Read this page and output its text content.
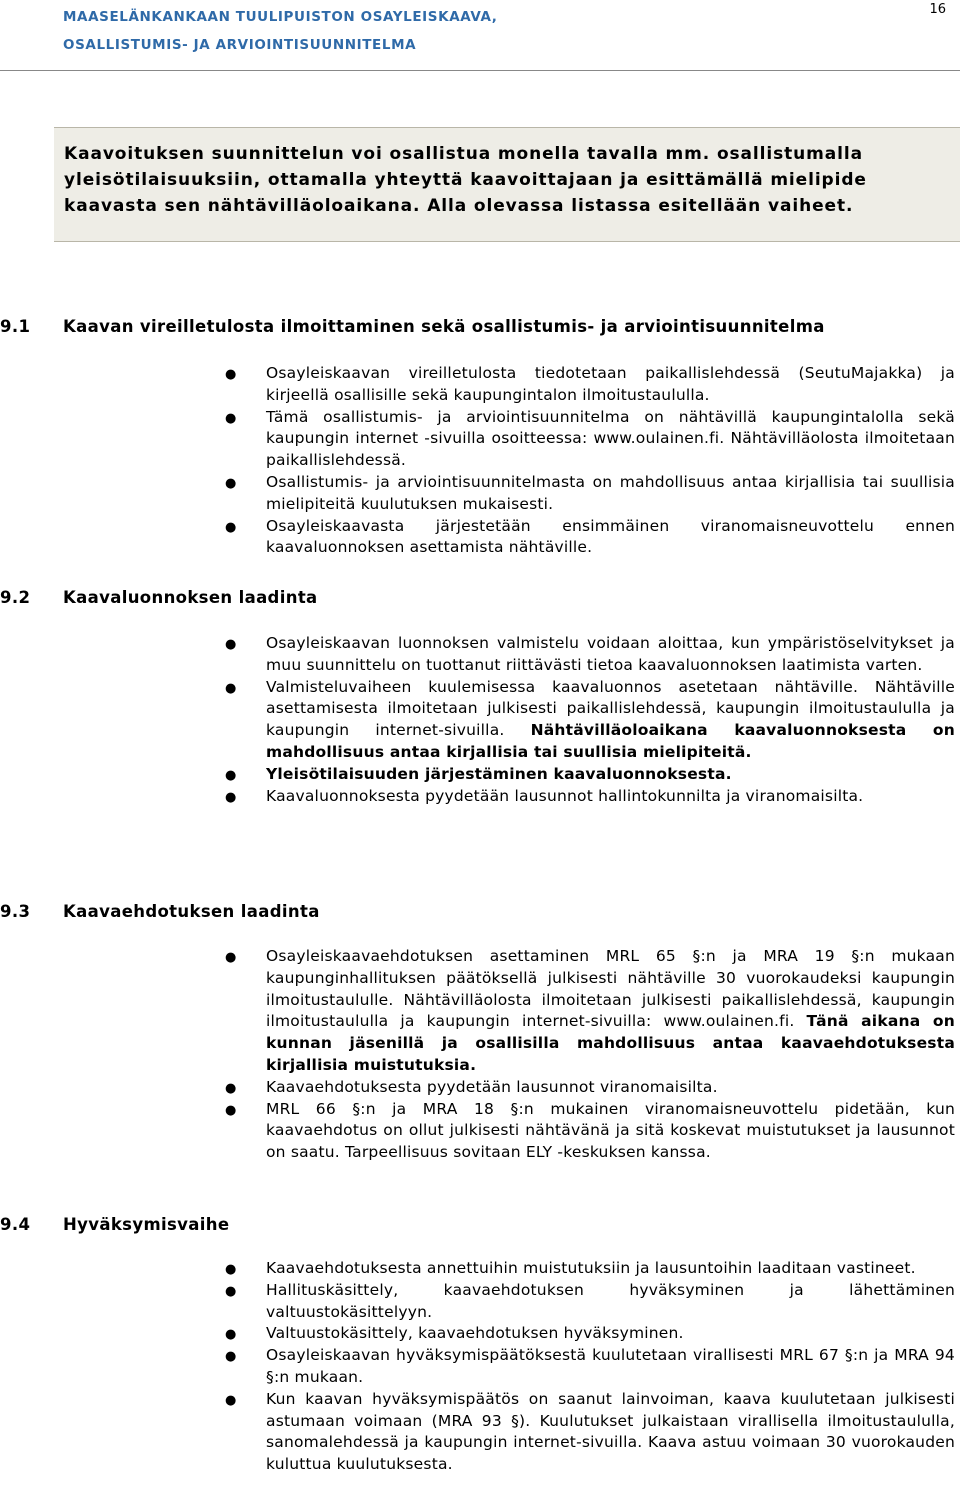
MAASELÄNKANKAAN TUULIPUISTON OSAYLEISKAAVA,
OSALLISTUMIS- JA ARVIOINTISUUNNITELMA
16

Kaavoituksen suunnittelun voi osallistua monella tavalla mm. osallistumalla yleisötilaisuuksiin, ottamalla yhteyttä kaavoittajaan ja esittämällä mielipide kaavasta sen nähtävilläoloaikana. Alla olevassa listassa esitellään vaiheet.

9.1 Kaavan vireilletulosta ilmoittaminen sekä osallistumis- ja arviointisuunnitelma
● Osayleiskaavan vireilletulosta tiedotetaan paikallislehdessä (SeutuMajakka) ja kirjeellä osallisille sekä kaupungintalon ilmoitustaululla.
● Tämä osallistumis- ja arviointisuunnitelma on nähtävillä kaupungintalolla sekä kaupungin internet -sivuilla osoitteessa: www.oulainen.fi. Nähtävilläolosta ilmoitetaan paikallislehdessä.
● Osallistumis- ja arviointisuunnitelmasta on mahdollisuus antaa kirjallisia tai suullisia mielipiteitä kuulutuksen mukaisesti.
● Osayleiskaavasta järjestetään ensimmäinen viranomaisneuvottelu ennen kaavaluonnoksen asettamista nähtäville.
9.2 Kaavaluonnoksen laadinta
● Osayleiskaavan luonnoksen valmistelu voidaan aloittaa, kun ympäristöselvitykset ja muu suunnittelu on tuottanut riittävästi tietoa kaavaluonnoksen laatimista varten.
● Valmisteluvaiheen kuulemisessa kaavaluonnos asetetaan nähtäville. Nähtäville asettamisesta ilmoitetaan julkisesti paikallislehdessä, kaupungin ilmoitustaululla ja kaupungin internet-sivuilla. Nähtävilläoloaikana kaavaluonnoksesta on mahdollisuus antaa kirjallisia tai suullisia mielipiteitä.
● Yleisötilaisuuden järjestäminen kaavaluonnoksesta.
● Kaavaluonnoksesta pyydetään lausunnot hallintokunnilta ja viranomaisilta.
9.3 Kaavaehdotuksen laadinta
● Osayleiskaavaehdotuksen asettaminen MRL 65 §:n ja MRA 19 §:n mukaan kaupunginhallituksen päätöksellä julkisesti nähtäville 30 vuorokaudeksi kaupungin ilmoitustaululle. Nähtävilläolosta ilmoitetaan julkisesti paikallislehdessä, kaupungin ilmoitustaululla ja kaupungin internet-sivuilla: www.oulainen.fi. Tänä aikana on kunnan jäsenillä ja osallisilla mahdollisuus antaa kaavaehdotuksesta kirjallisia muistutuksia.
● Kaavaehdotuksesta pyydetään lausunnot viranomaisilta.
● MRL 66 §:n ja MRA 18 §:n mukainen viranomaisneuvottelu pidetään, kun kaavaehdotus on ollut julkisesti nähtävänä ja sitä koskevat muistutukset ja lausunnot on saatu. Tarpeellisuus sovitaan ELY -keskuksen kanssa.
9.4 Hyväksymisvaihe
● Kaavaehdotuksesta annettuihin muistutuksiin ja lausuntoihin laaditaan vastineet.
● Hallituskäsittely, kaavaehdotuksen hyväksyminen ja lähettäminen valtuustokäsittelyyn.
● Valtuustokäsittely, kaavaehdotuksen hyväksyminen.
● Osayleiskaavan hyväksymispäätöksestä kuulutetaan virallisesti MRL 67 §:n ja MRA 94 §:n mukaan.
● Kun kaavan hyväksymispäätös on saanut lainvoiman, kaava kuulutetaan julkisesti astumaan voimaan (MRA 93 §). Kuulutukset julkaistaan virallisella ilmoitustaululla, sanomalehdessä ja kaupungin internet-sivuilla. Kaava astuu voimaan 30 vuorokauden kuluttua kuulutuksesta.
